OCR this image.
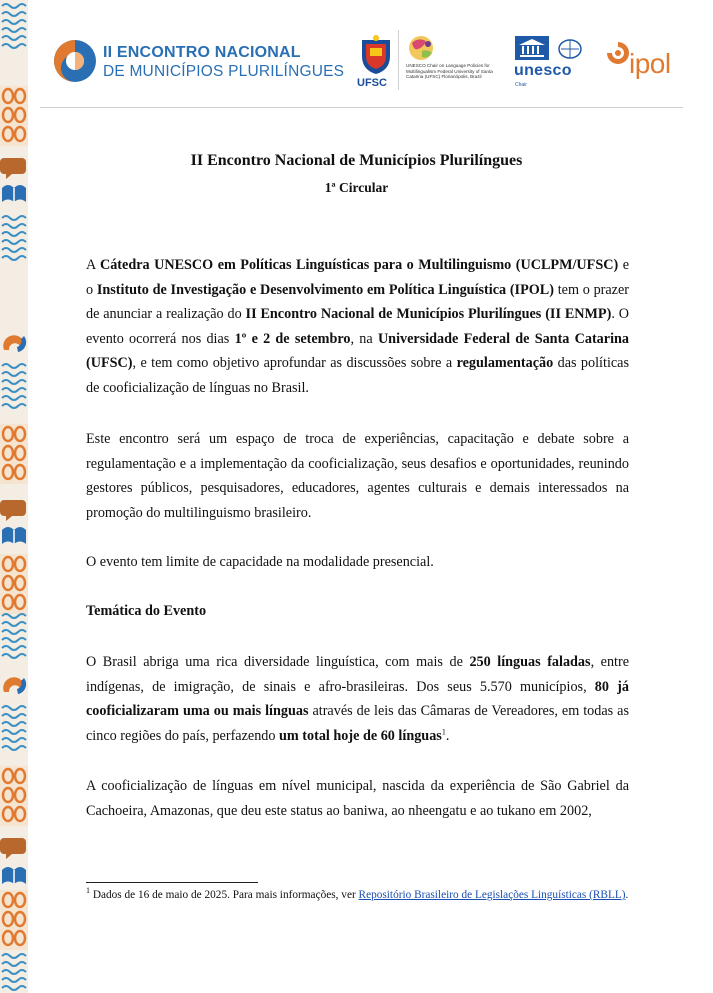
II ENCONTRO NACIONAL
DE MUNICÍPIOS PLURILÍNGUES
UFSC
UNESCO Chair on Language Policies for Multilingualism Federal University of Santa Catarina (UFSC) Florianópolis, Brazil	unesco
Chair
ipol
II Encontro Nacional de Municípios Plurilíngues
1ª Circular

A Cátedra UNESCO em Políticas Linguísticas para o Multilinguismo (UCLPM/UFSC) e o Instituto de Investigação e Desenvolvimento em Política Linguística (IPOL) tem o prazer de anunciar a realização do II Encontro Nacional de Municípios Plurilíngues (II ENMP). O evento ocorrerá nos dias 1º e 2 de setembro, na Universidade Federal de Santa Catarina (UFSC), e tem como objetivo aprofundar as discussões sobre a regulamentação das políticas de cooficialização de línguas no Brasil.

Este encontro será um espaço de troca de experiências, capacitação e debate sobre a regulamentação e a implementação da cooficialização, seus desafios e oportunidades, reunindo gestores públicos, pesquisadores, educadores, agentes culturais e demais interessados na promoção do multilinguismo brasileiro.

O evento tem limite de capacidade na modalidade presencial.

Temática do Evento

O Brasil abriga uma rica diversidade linguística, com mais de 250 línguas faladas, entre indígenas, de imigração, de sinais e afro-brasileiras. Dos seus 5.570 municípios, 80 já cooficializaram uma ou mais línguas através de leis das Câmaras de Vereadores, em todas as cinco regiões do país, perfazendo um total hoje de 60 línguas$^1$.

A cooficialização de línguas em nível municipal, nascida da experiência de São Gabriel da Cachoeira, Amazonas, que deu este status ao baniwa, ao nheengatu e ao tukano em 2002,

$^1$ Dados de 16 de maio de 2025. Para mais informações, ver Repositório Brasileiro de Legislações Linguísticas (RBLL).
